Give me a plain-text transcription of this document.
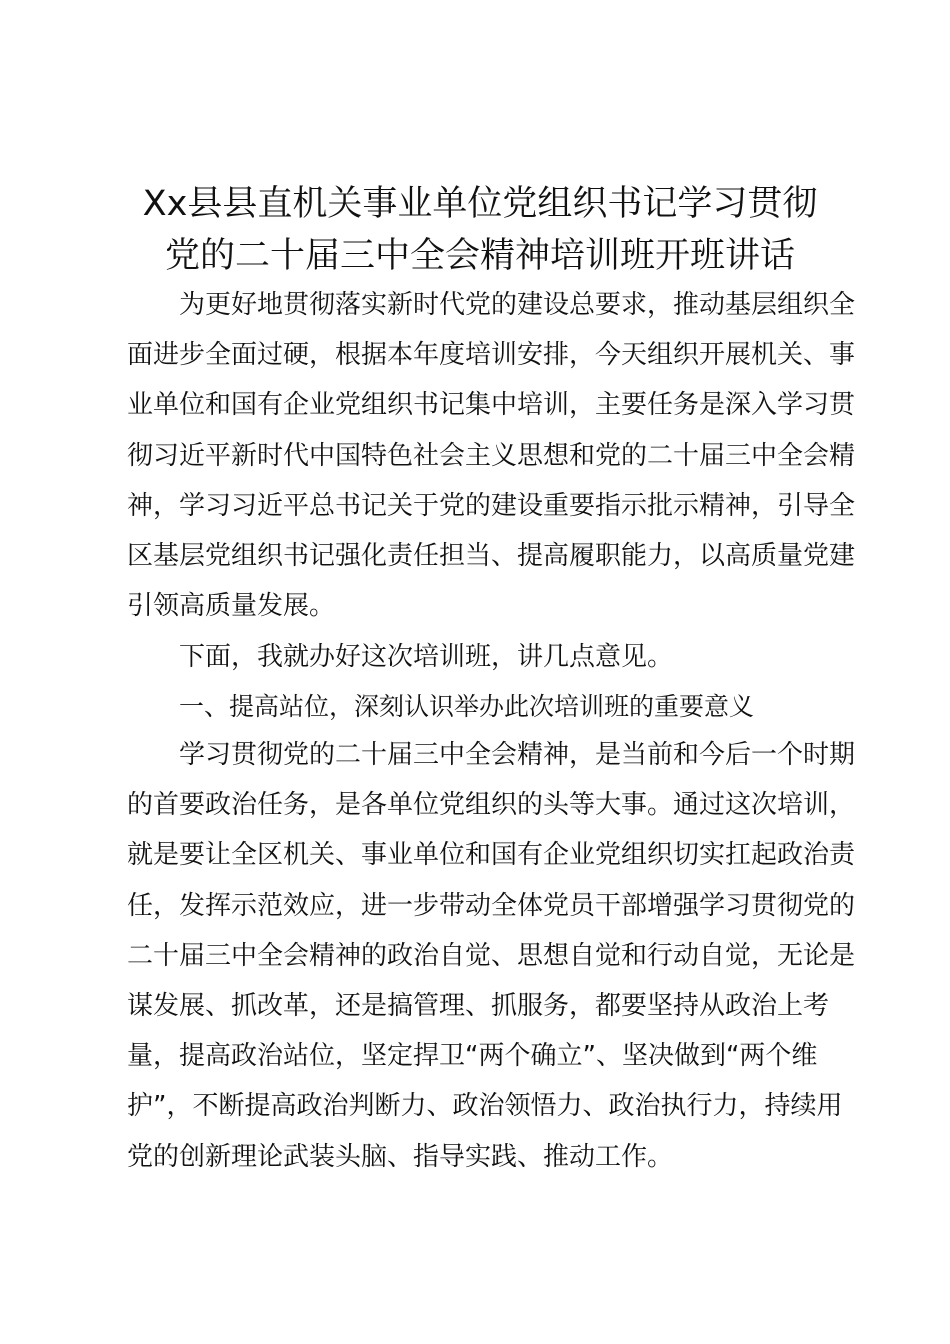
Xx县县直机关事业单位党组织书记学习贯彻
党的二十届三中全会精神培训班开班讲话

为更好地贯彻落实新时代党的建设总要求，推动基层组织全面进步全面过硬，根据本年度培训安排，今天组织开展机关、事业单位和国有企业党组织书记集中培训，主要任务是深入学习贯彻习近平新时代中国特色社会主义思想和党的二十届三中全会精神，学习习近平总书记关于党的建设重要指示批示精神，引导全区基层党组织书记强化责任担当、提高履职能力，以高质量党建引领高质量发展。

下面，我就办好这次培训班，讲几点意见。

一、提高站位，深刻认识举办此次培训班的重要意义

学习贯彻党的二十届三中全会精神，是当前和今后一个时期的首要政治任务，是各单位党组织的头等大事。通过这次培训，就是要让全区机关、事业单位和国有企业党组织切实扛起政治责任，发挥示范效应，进一步带动全体党员干部增强学习贯彻党的二十届三中全会精神的政治自觉、思想自觉和行动自觉，无论是谋发展、抓改革，还是搞管理、抓服务，都要坚持从政治上考量，提高政治站位，坚定捍卫“两个确立”、坚决做到“两个维护”，不断提高政治判断力、政治领悟力、政治执行力，持续用党的创新理论武装头脑、指导实践、推动工作。
